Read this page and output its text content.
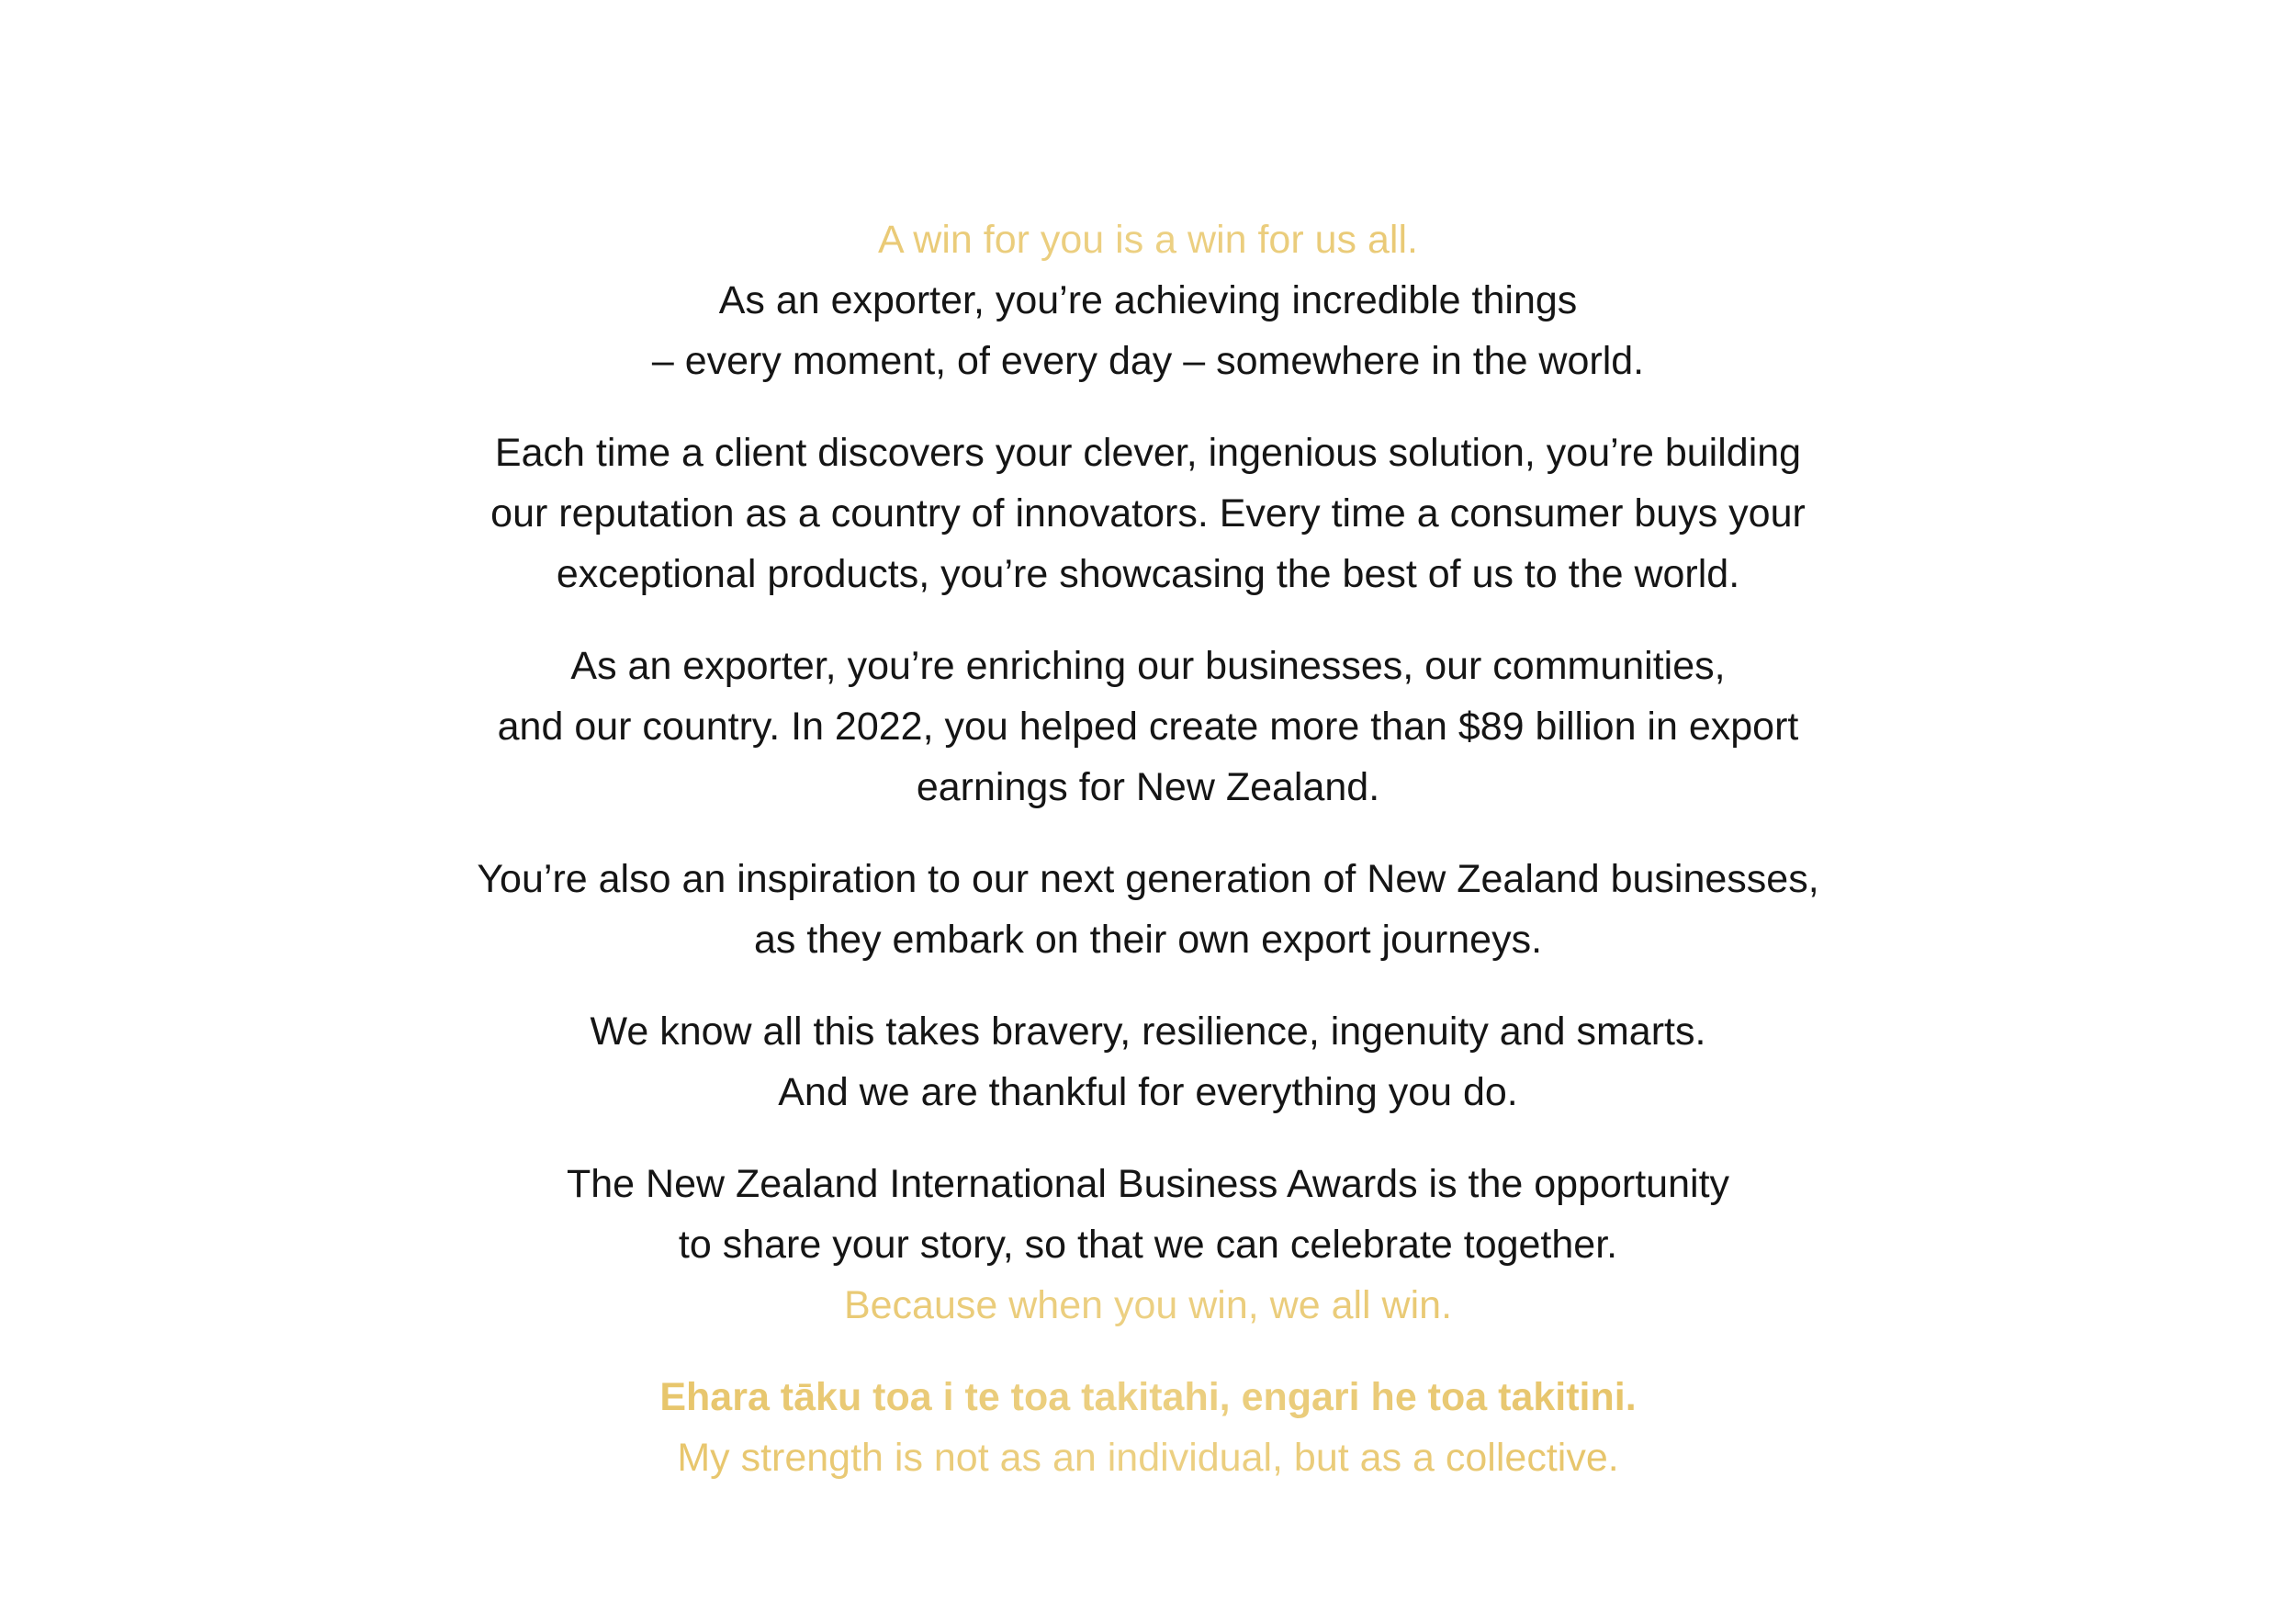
A win for you is a win for us all.
As an exporter, you’re achieving incredible things
– every moment, of every day – somewhere in the world.

Each time a client discovers your clever, ingenious solution, you’re building
our reputation as a country of innovators. Every time a consumer buys your
exceptional products, you’re showcasing the best of us to the world.

As an exporter, you’re enriching our businesses, our communities,
and our country. In 2022, you helped create more than $89 billion in export
earnings for New Zealand.

You’re also an inspiration to our next generation of New Zealand businesses,
as they embark on their own export journeys.

We know all this takes bravery, resilience, ingenuity and smarts.
And we are thankful for everything you do.

The New Zealand International Business Awards is the opportunity
to share your story, so that we can celebrate together.
Because when you win, we all win.

Ehara tāku toa i te toa takitahi, engari he toa takitini.
My strength is not as an individual, but as a collective.
